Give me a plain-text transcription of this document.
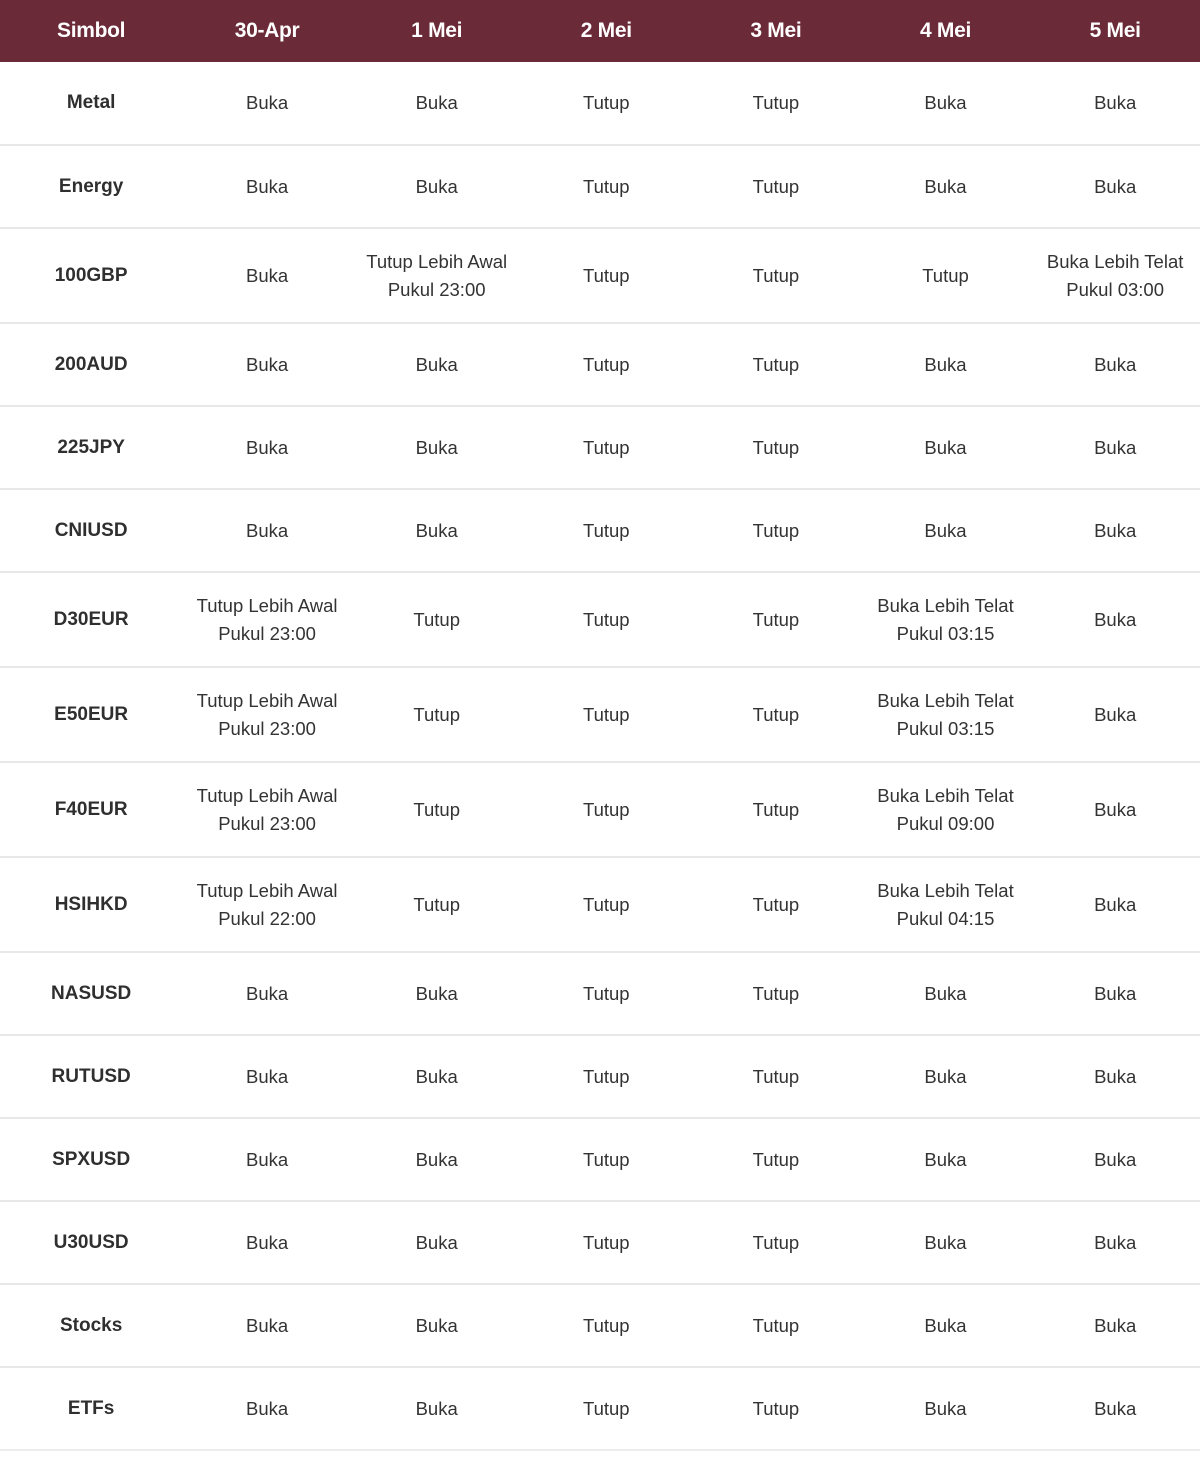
Simbol	30-Apr	1 Mei	2 Mei	3 Mei	4 Mei	5 Mei
Metal	Buka	Buka	Tutup	Tutup	Buka	Buka
Energy	Buka	Buka	Tutup	Tutup	Buka	Buka
100GBP	Buka	Tutup Lebih Awal Pukul 23:00	Tutup	Tutup	Tutup	Buka Lebih Telat Pukul 03:00
200AUD	Buka	Buka	Tutup	Tutup	Buka	Buka
225JPY	Buka	Buka	Tutup	Tutup	Buka	Buka
CNIUSD	Buka	Buka	Tutup	Tutup	Buka	Buka
D30EUR	Tutup Lebih Awal Pukul 23:00	Tutup	Tutup	Tutup	Buka Lebih Telat Pukul 03:15	Buka
E50EUR	Tutup Lebih Awal Pukul 23:00	Tutup	Tutup	Tutup	Buka Lebih Telat Pukul 03:15	Buka
F40EUR	Tutup Lebih Awal Pukul 23:00	Tutup	Tutup	Tutup	Buka Lebih Telat Pukul 09:00	Buka
HSIHKD	Tutup Lebih Awal Pukul 22:00	Tutup	Tutup	Tutup	Buka Lebih Telat Pukul 04:15	Buka
NASUSD	Buka	Buka	Tutup	Tutup	Buka	Buka
RUTUSD	Buka	Buka	Tutup	Tutup	Buka	Buka
SPXUSD	Buka	Buka	Tutup	Tutup	Buka	Buka
U30USD	Buka	Buka	Tutup	Tutup	Buka	Buka
Stocks	Buka	Buka	Tutup	Tutup	Buka	Buka
ETFs	Buka	Buka	Tutup	Tutup	Buka	Buka
